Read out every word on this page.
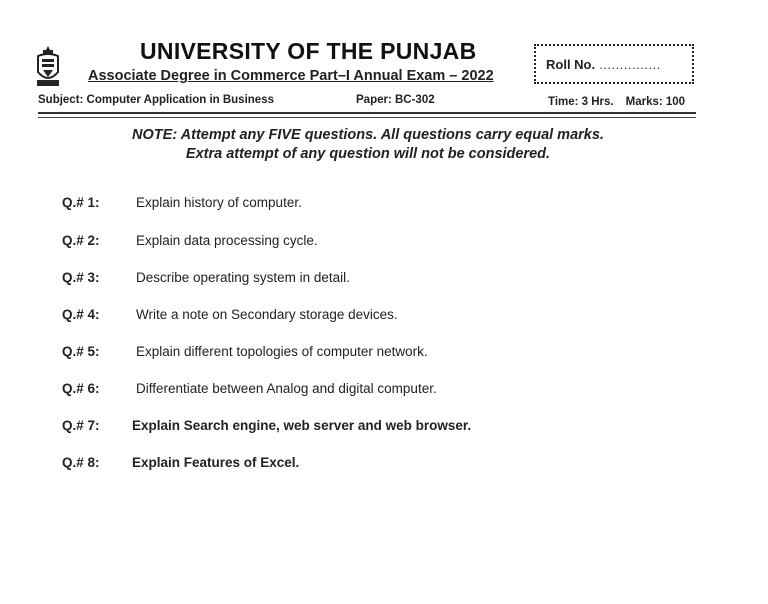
UNIVERSITY OF THE PUNJAB
Associate Degree in Commerce Part–I Annual Exam – 2022
Roll No. ...............
Subject: Computer Application in Business	Paper: BC-302	Time: 3 Hrs. Marks: 100
NOTE: Attempt any FIVE questions. All questions carry equal marks.
Extra attempt of any question will not be considered.
Q.# 1:	Explain history of computer.
Q.# 2:	Explain data processing cycle.
Q.# 3:	Describe operating system in detail.
Q.# 4:	Write a note on Secondary storage devices.
Q.# 5:	Explain different topologies of computer network.
Q.# 6:	Differentiate between Analog and digital computer.
Q.# 7: Explain Search engine, web server and web browser.
Q.# 8: Explain Features of Excel.
